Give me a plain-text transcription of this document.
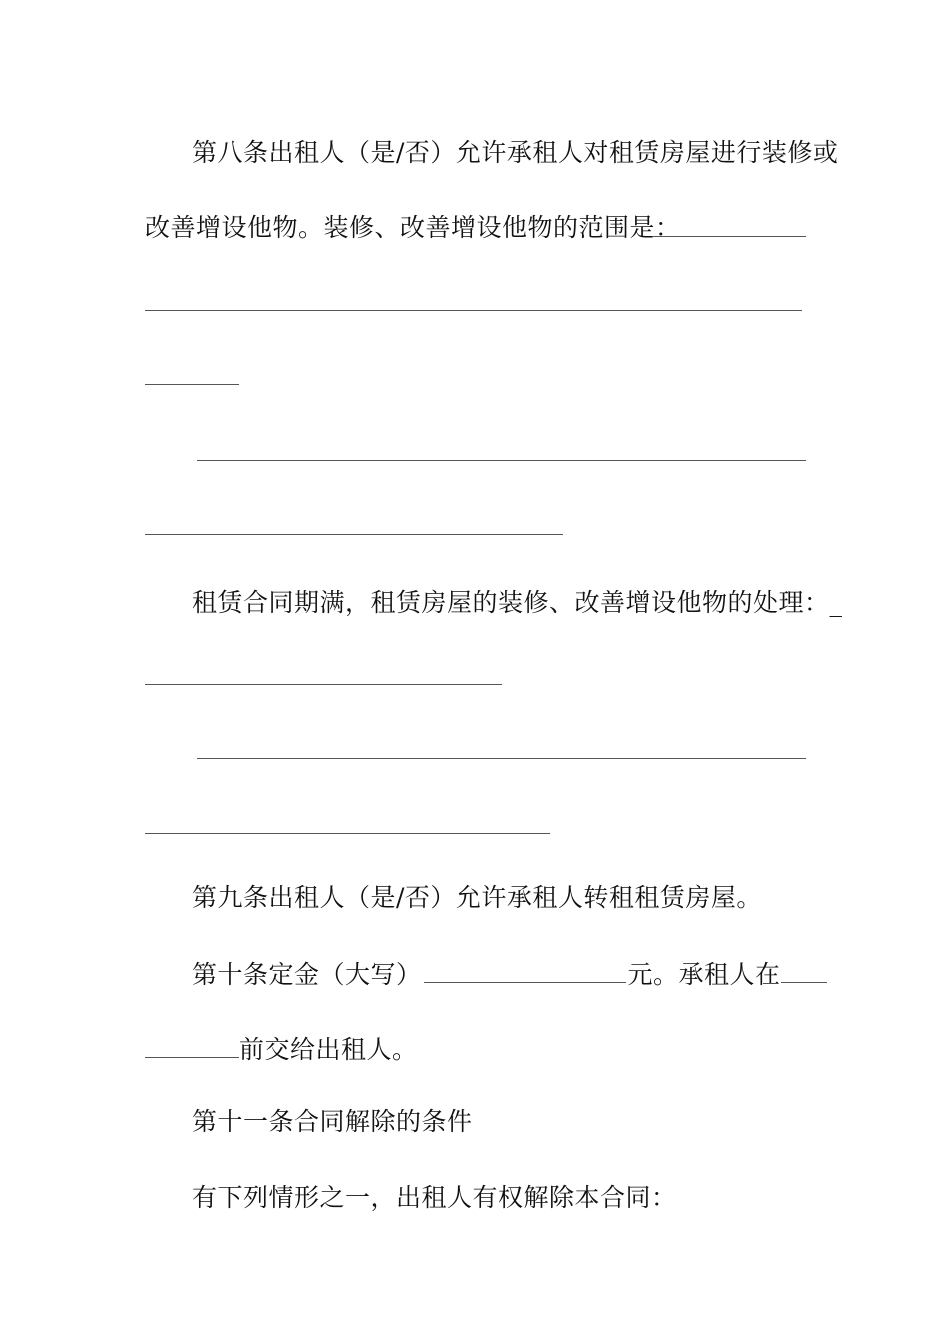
第八条出租人（是/否）允许承租人对租赁房屋进行装修或
改善增设他物。装修、改善增设他物的范围是：
租赁合同期满，租赁房屋的装修、改善增设他物的处理：_
第九条出租人（是/否）允许承租人转租租赁房屋。
第十条定金（大写）	元。承租人在
前交给出租人。
第十一条合同解除的条件
有下列情形之一，出租人有权解除本合同：
